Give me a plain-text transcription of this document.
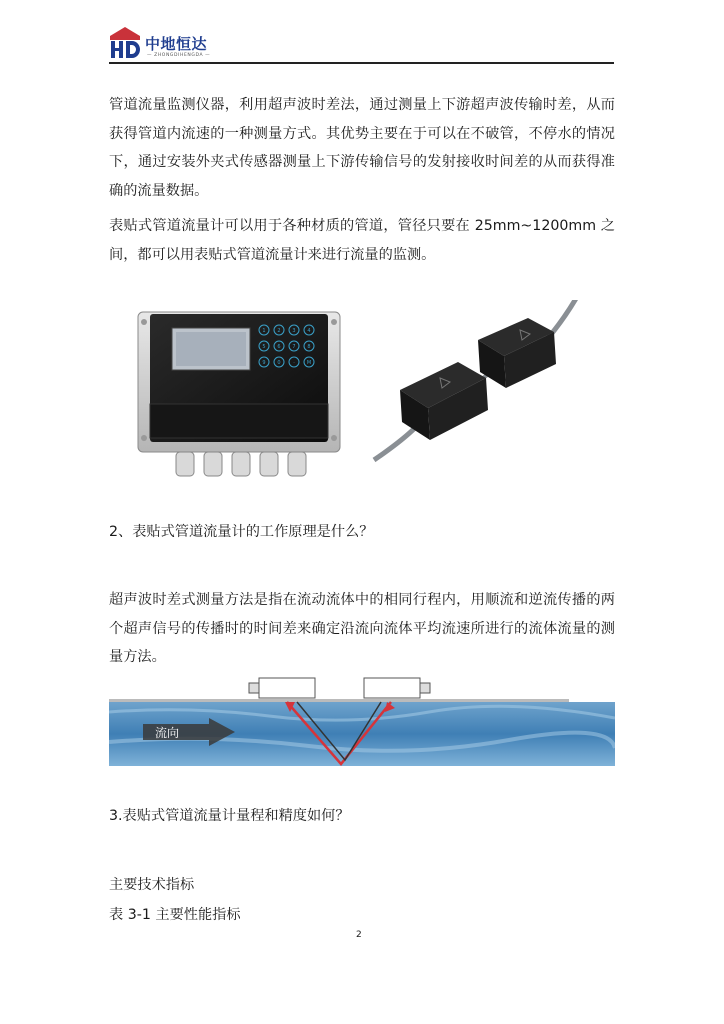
中地恒达
— ZHONGDIHENGDA —
管道流量监测仪器，利用超声波时差法，通过测量上下游超声波传输时差，从而获得管道内流速的一种测量方式。其优势主要在于可以在不破管，不停水的情况下，通过安装外夹式传感器测量上下游传输信号的发射接收时间差的从而获得准确的流量数据。
表贴式管道流量计可以用于各种材质的管道，管径只要在 25mm~1200mm 之间，都可以用表贴式管道流量计来进行流量的监测。
1 2 3 4
5 6 7 8
9 0	· M
2、表贴式管道流量计的工作原理是什么？
超声波时差式测量方法是指在流动流体中的相同行程内，用顺流和逆流传播的两个超声信号的传播时的时间差来确定沿流向流体平均流速所进行的流体流量的测量方法。
流向
3.表贴式管道流量计量程和精度如何？
主要技术指标
表 3-1 主要性能指标
2
